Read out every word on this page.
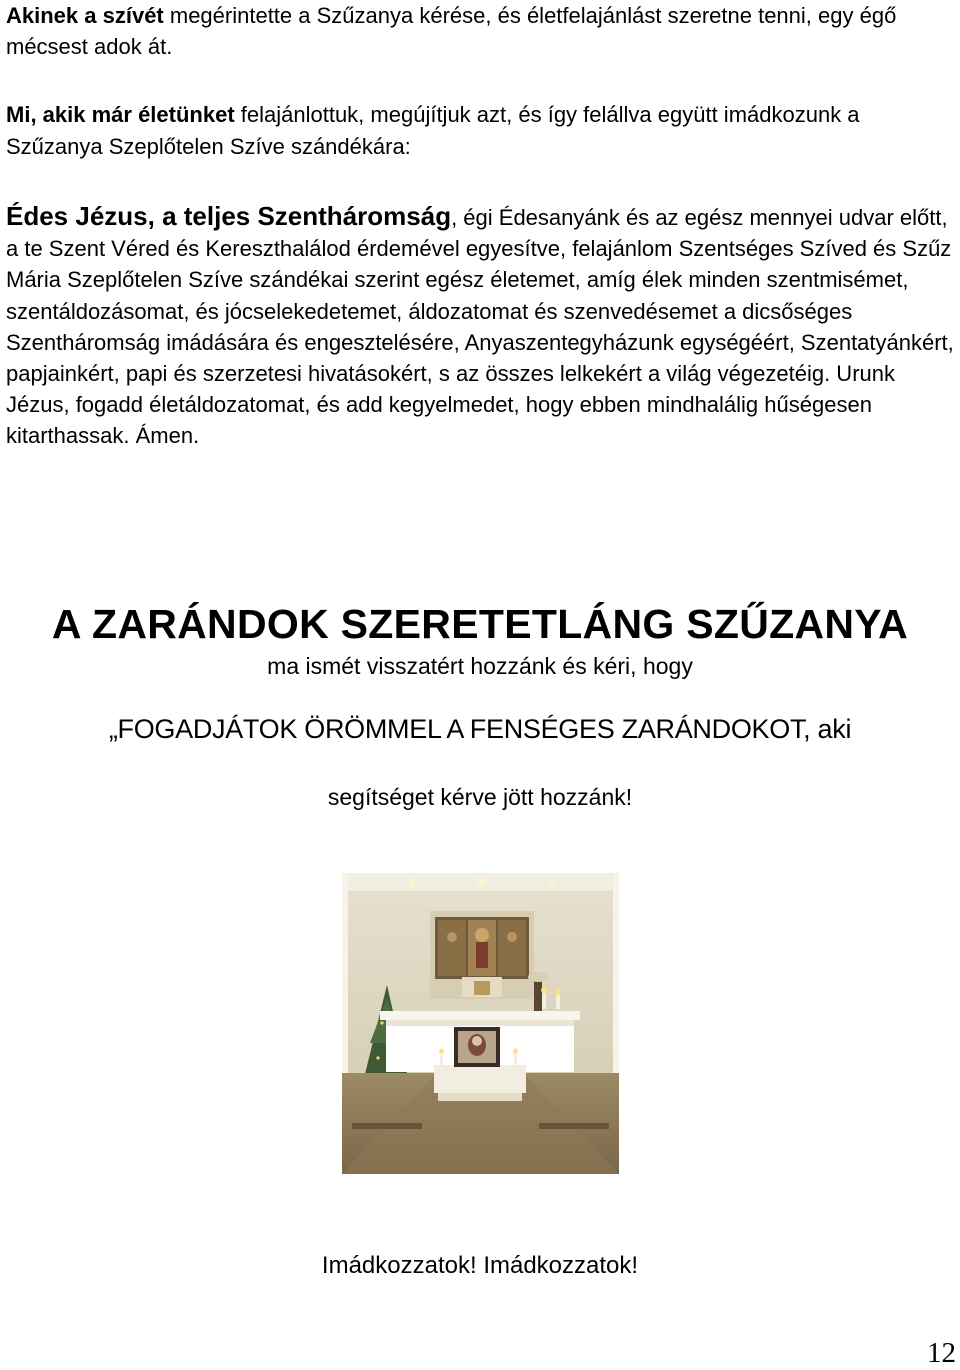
Akinek a szívét megérintette a Szűzanya kérése, és életfelajánlást szeretne tenni, egy égő mécsest adok át.

Mi, akik már életünket felajánlottuk, megújítjuk azt, és így felállva együtt imádkozunk a Szűzanya Szeplőtelen Szíve szándékára:

Édes Jézus, a teljes Szentháromság, égi Édesanyánk és az egész mennyei udvar előtt, a te Szent Véred és Kereszthalálod érdemével egyesítve, felajánlom Szentséges Szíved és Szűz Mária Szeplőtelen Szíve szándékai szerint egész életemet, amíg élek minden szentmisémet, szentáldozásomat, és jócselekedetemet, áldozatomat és szenvedésemet a dicsőséges Szentháromság imádására és engesztelésére, Anyaszentegyházunk egységéért, Szentatyánkért, papjainkért, papi és szerzetesi hivatásokért, s az összes lelkekért a világ végezetéig. Urunk Jézus, fogadd életáldozatomat, és add kegyelmedet, hogy ebben mindhalálig hűségesen kitarthassak. Ámen.

A ZARÁNDOK SZERETETLÁNG SZŰZANYA

ma ismét visszatért hozzánk és kéri, hogy

„FOGADJÁTOK ÖRÖMMEL A FENSÉGES ZARÁNDOKOT, aki

segítséget kérve jött hozzánk!

Imádkozzatok! Imádkozzatok!

12
